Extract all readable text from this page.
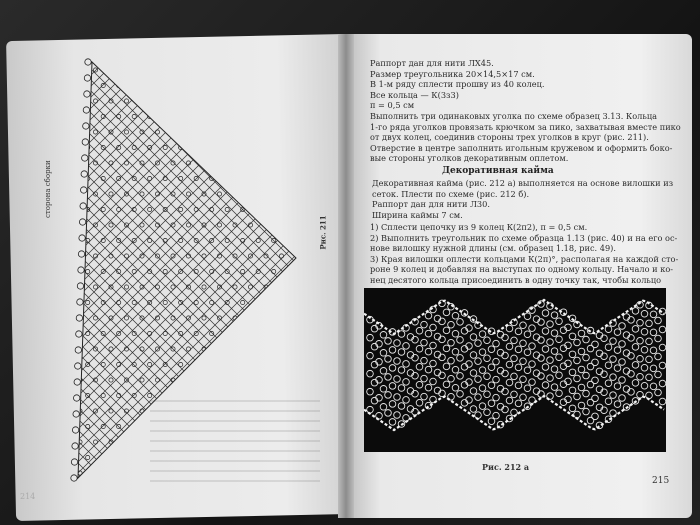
сторона сборки
Рис. 211
214
Раппорт дан для нити ЛХ45.
Размер треугольника 20×14,5×17 см.
В 1-м ряду сплести прошву из 40 колец.
Все кольца — К(3з3)
п = 0,5 см
Выполнить три одинаковых уголка по схеме образец 3.13. Кольца
1-го ряда уголков провязать крючком за пико, захватывая вместе пико
от двух колец, соединив стороны трех уголков в круг (рис. 211).
Отверстие в центре заполнить игольным кружевом и оформить боко-
вые стороны уголков декоративным оплетом.
Декоративная кайма
Декоративная кайма (рис. 212 а) выполняется на основе вилошки из
сеток. Плести по схеме (рис. 212 б).
Раппорт дан для нити Л30.
Ширина каймы 7 см.
1) Сплести цепочку из 9 колец К(2п2), п = 0,5 см.
2) Выполнить треугольник по схеме образца 1.13 (рис. 40) и на его ос-
нове вилошку нужной длины (см. образец 1.18, рис. 49).
3) Края вилошки оплести кольцами К(2п)°, располагая на каждой сто-
роне 9 колец и добавляя на выступах по одному кольцу. Начало и ко-
нец десятого кольца присоединить в одну точку так, чтобы кольцо
Рис. 212 а
215
